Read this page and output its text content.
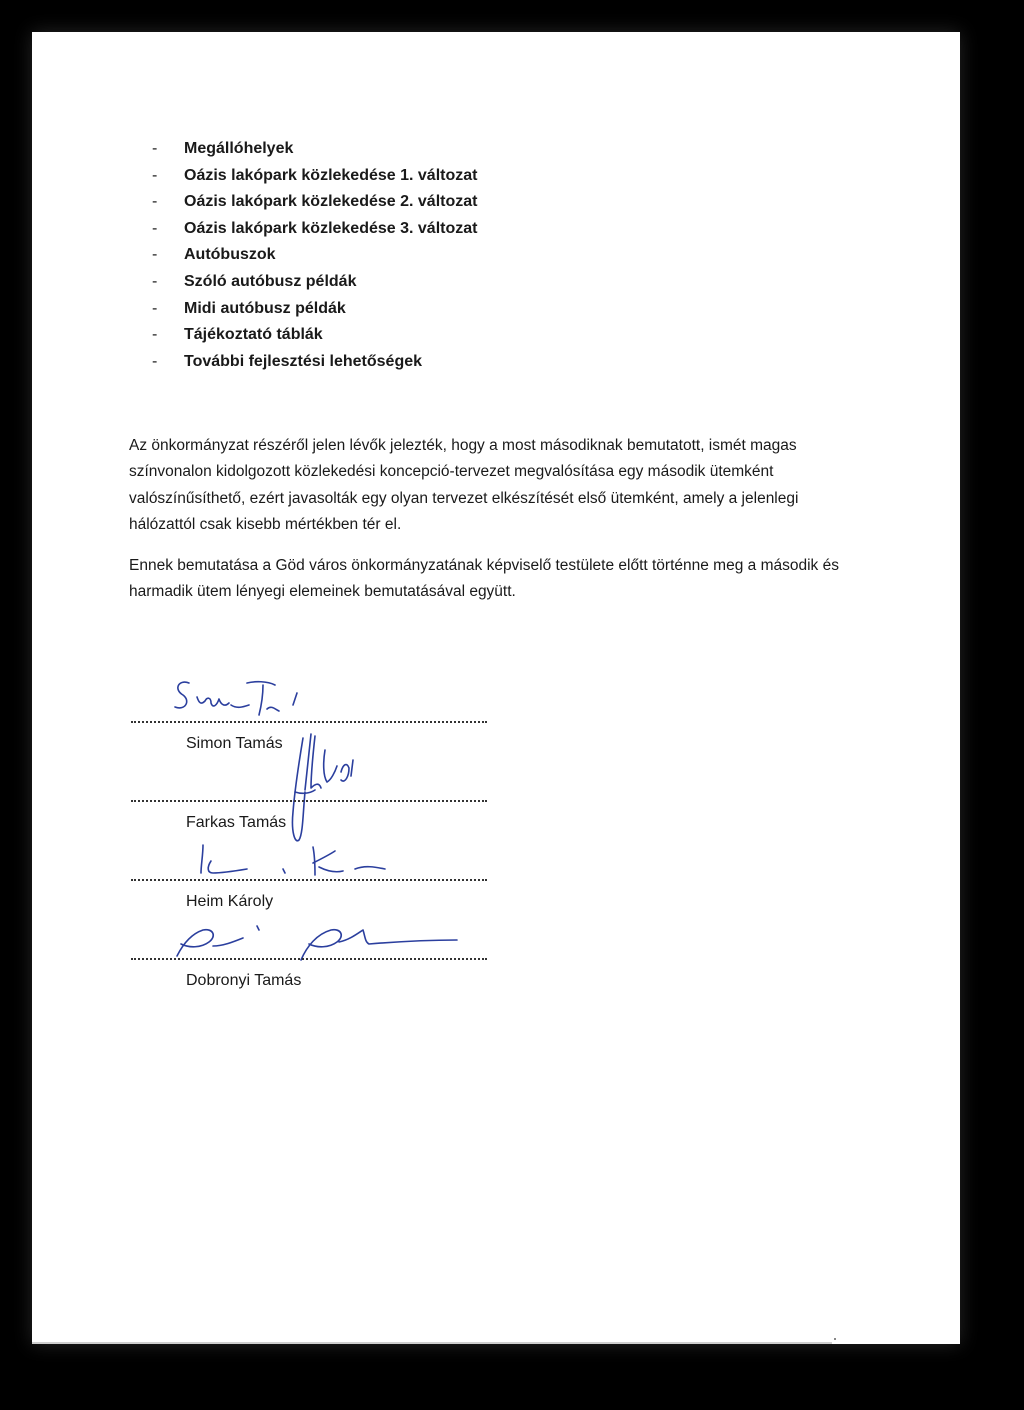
- Megállóhelyek
- Oázis lakópark közlekedése 1. változat
- Oázis lakópark közlekedése 2. változat
- Oázis lakópark közlekedése 3. változat
- Autóbuszok
- Szóló autóbusz példák
- Midi autóbusz példák
- Tájékoztató táblák
- További fejlesztési lehetőségek

Az önkormányzat részéről jelen lévők jelezték, hogy a most másodiknak bemutatott, ismét magas színvonalon kidolgozott közlekedési koncepció-tervezet megvalósítása egy második ütemként valószínűsíthető, ezért javasolták egy olyan tervezet elkészítését első ütemként, amely a jelenlegi hálózattól csak kisebb mértékben tér el.

Ennek bemutatása a Göd város önkormányzatának képviselő testülete előtt történne meg a második és harmadik ütem lényegi elemeinek bemutatásával együtt.

Simon Tamás
Farkas Tamás
Heim Károly
Dobronyi Tamás
